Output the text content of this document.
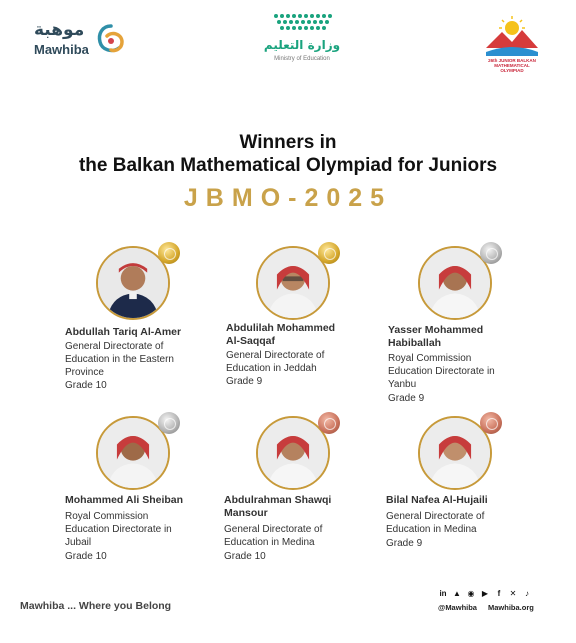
موهبة
Mawhiba	وزارة التعليم
Ministry of Education	26th JUNIOR BALKAN MATHEMATICAL OLYMPIAD
Winners in
the Balkan Mathematical Olympiad for Juniors
JBMO-2025
Abdullah Tariq Al-Amer
General Directorate of Education in the Eastern Province
Grade 10
Abdulilah Mohammed Al-Saqqaf
General Directorate of Education in Jeddah
Grade 9
Yasser Mohammed Habiballah
Royal Commission Education Directorate in Yanbu
Grade 9
Mohammed Ali Sheiban
Royal Commission Education Directorate in Jubail
Grade 10
Abdulrahman Shawqi Mansour
General Directorate of Education in Medina
Grade 10
Bilal Nafea Al-Hujaili
General Directorate of Education in Medina
Grade 9
Mawhiba ... Where you Belong
in ▲ ◉ ▶	f	✕	♪
@Mawhiba Mawhiba.org
